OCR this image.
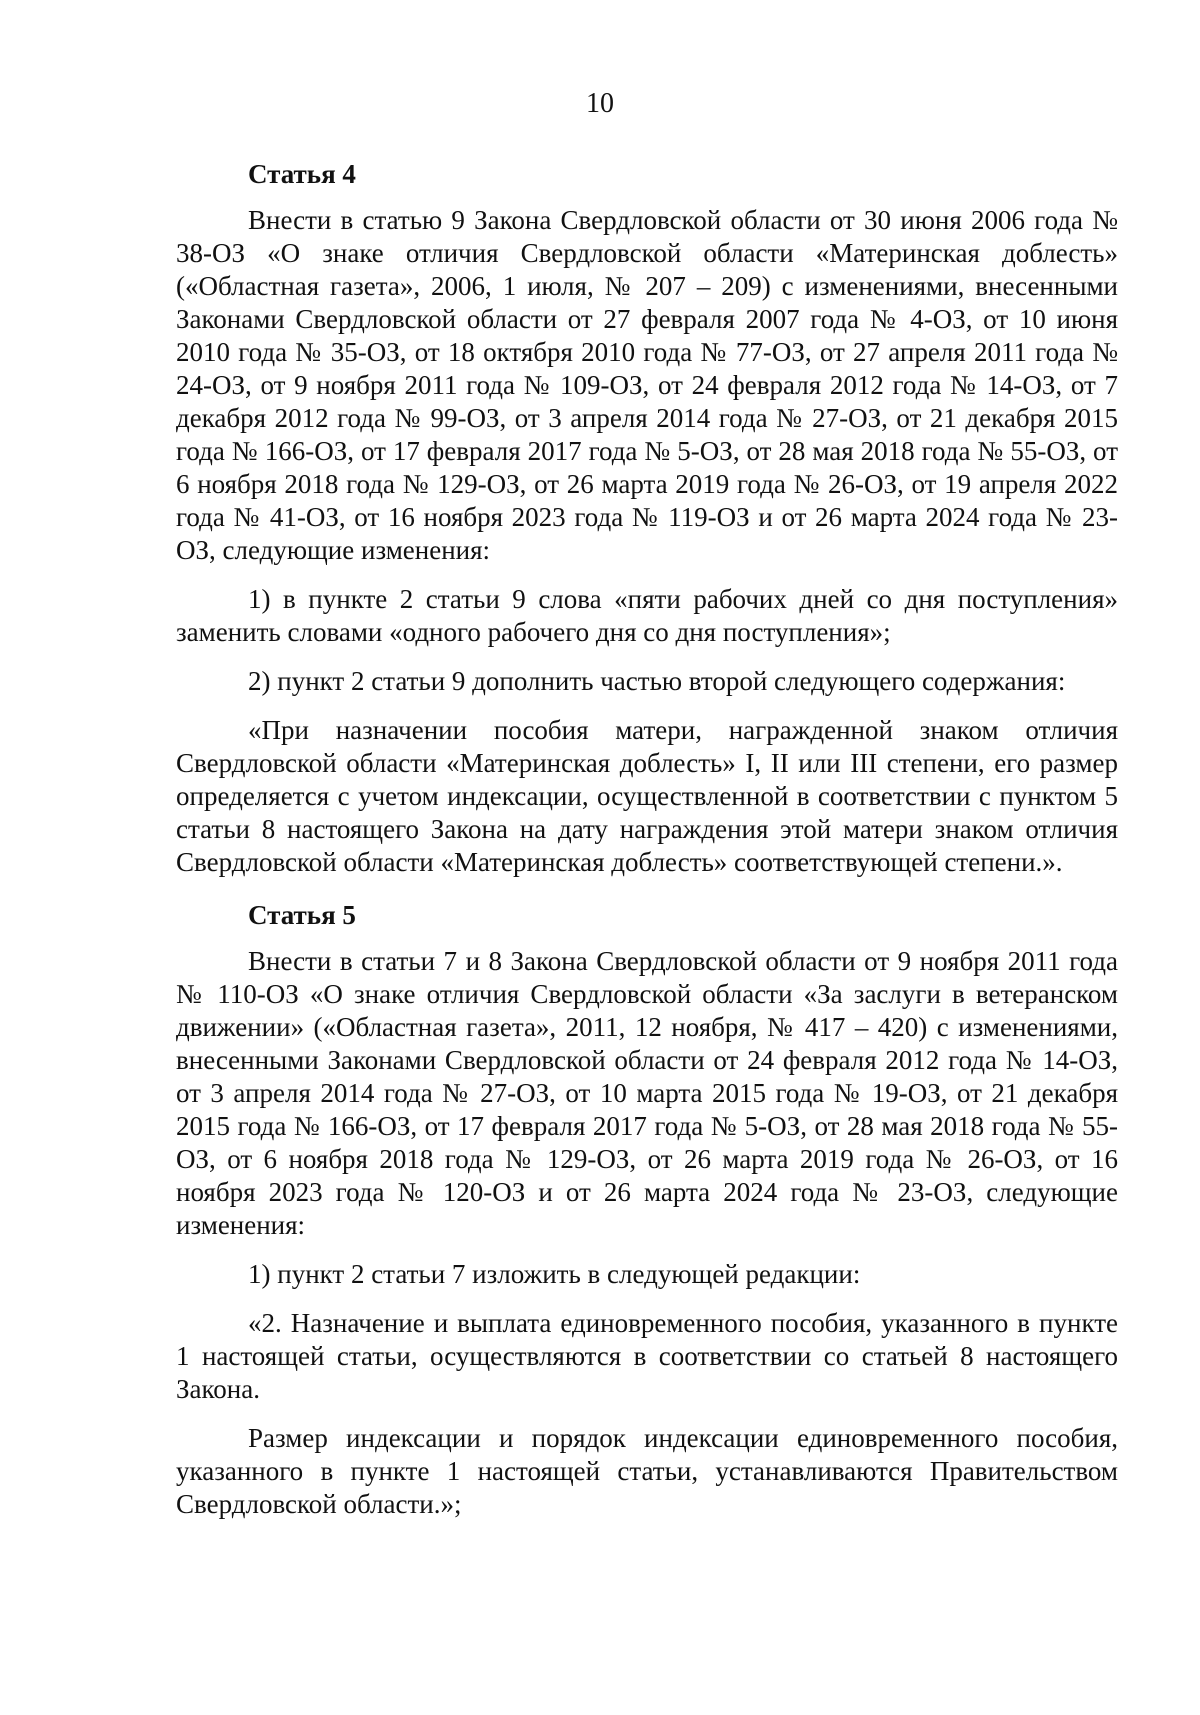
10
Статья 4

Внести в статью 9 Закона Свердловской области от 30 июня 2006 года № 38-ОЗ «О знаке отличия Свердловской области «Материнская доблесть» («Областная газета», 2006, 1 июля, № 207 – 209) с изменениями, внесенными Законами Свердловской области от 27 февраля 2007 года № 4-ОЗ, от 10 июня 2010 года № 35-ОЗ, от 18 октября 2010 года № 77-ОЗ, от 27 апреля 2011 года № 24-ОЗ, от 9 ноября 2011 года № 109-ОЗ, от 24 февраля 2012 года № 14-ОЗ, от 7 декабря 2012 года № 99-ОЗ, от 3 апреля 2014 года № 27-ОЗ, от 21 декабря 2015 года № 166-ОЗ, от 17 февраля 2017 года № 5-ОЗ, от 28 мая 2018 года № 55-ОЗ, от 6 ноября 2018 года № 129-ОЗ, от 26 марта 2019 года № 26-ОЗ, от 19 апреля 2022 года № 41-ОЗ, от 16 ноября 2023 года № 119-ОЗ и от 26 марта 2024 года № 23-ОЗ, следующие изменения:

1) в пункте 2 статьи 9 слова «пяти рабочих дней со дня поступления» заменить словами «одного рабочего дня со дня поступления»;

2) пункт 2 статьи 9 дополнить частью второй следующего содержания:

«При назначении пособия матери, награжденной знаком отличия Свердловской области «Материнская доблесть» I, II или III степени, его размер определяется с учетом индексации, осуществленной в соответствии с пунктом 5 статьи 8 настоящего Закона на дату награждения этой матери знаком отличия Свердловской области «Материнская доблесть» соответствующей степени.».

Статья 5

Внести в статьи 7 и 8 Закона Свердловской области от 9 ноября 2011 года № 110-ОЗ «О знаке отличия Свердловской области «За заслуги в ветеранском движении» («Областная газета», 2011, 12 ноября, № 417 – 420) с изменениями, внесенными Законами Свердловской области от 24 февраля 2012 года № 14-ОЗ, от 3 апреля 2014 года № 27-ОЗ, от 10 марта 2015 года № 19-ОЗ, от 21 декабря 2015 года № 166-ОЗ, от 17 февраля 2017 года № 5-ОЗ, от 28 мая 2018 года № 55-ОЗ, от 6 ноября 2018 года № 129-ОЗ, от 26 марта 2019 года № 26-ОЗ, от 16 ноября 2023 года № 120-ОЗ и от 26 марта 2024 года № 23-ОЗ, следующие изменения:

1) пункт 2 статьи 7 изложить в следующей редакции:

«2. Назначение и выплата единовременного пособия, указанного в пункте 1 настоящей статьи, осуществляются в соответствии со статьей 8 настоящего Закона.

Размер индексации и порядок индексации единовременного пособия, указанного в пункте 1 настоящей статьи, устанавливаются Правительством Свердловской области.»;
